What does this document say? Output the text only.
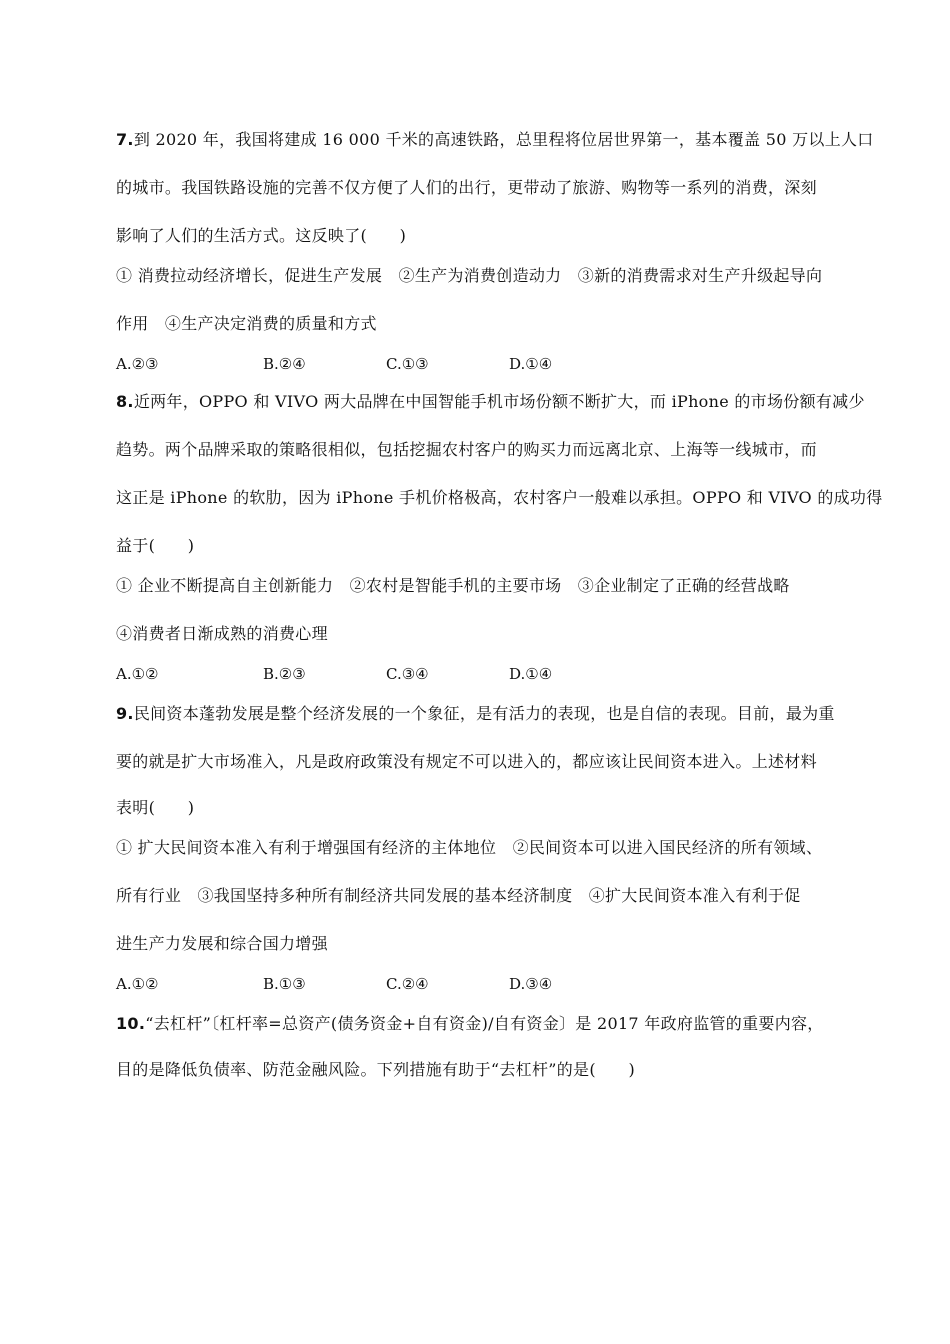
7.到 2020 年，我国将建成 16 000 千米的高速铁路，总里程将位居世界第一，基本覆盖 50 万以上人口
的城市。我国铁路设施的完善不仅方便了人们的出行，更带动了旅游、购物等一系列的消费，深刻
影响了人们的生活方式。这反映了(　　)
① 消费拉动经济增长，促进生产发展　②生产为消费创造动力　③新的消费需求对生产升级起导向
作用　④生产决定消费的质量和方式
A.②③	B.②④	C.①③	D.①④
8.近两年，OPPO 和 VIVO 两大品牌在中国智能手机市场份额不断扩大，而 iPhone 的市场份额有减少
趋势。两个品牌采取的策略很相似，包括挖掘农村客户的购买力而远离北京、上海等一线城市，而
这正是 iPhone 的软肋，因为 iPhone 手机价格极高，农村客户一般难以承担。OPPO 和 VIVO 的成功得
益于(　　)
① 企业不断提高自主创新能力　②农村是智能手机的主要市场　③企业制定了正确的经营战略
④消费者日渐成熟的消费心理
A.①②	B.②③	C.③④	D.①④
9.民间资本蓬勃发展是整个经济发展的一个象征，是有活力的表现，也是自信的表现。目前，最为重
要的就是扩大市场准入，凡是政府政策没有规定不可以进入的，都应该让民间资本进入。上述材料
表明(　　)
① 扩大民间资本准入有利于增强国有经济的主体地位　②民间资本可以进入国民经济的所有领域、
所有行业　③我国坚持多种所有制经济共同发展的基本经济制度　④扩大民间资本准入有利于促
进生产力发展和综合国力增强
A.①②	B.①③	C.②④	D.③④
10.“去杠杆”〔杠杆率=总资产(债务资金+自有资金)/自有资金〕是 2017 年政府监管的重要内容，
目的是降低负债率、防范金融风险。下列措施有助于“去杠杆”的是(　　)
